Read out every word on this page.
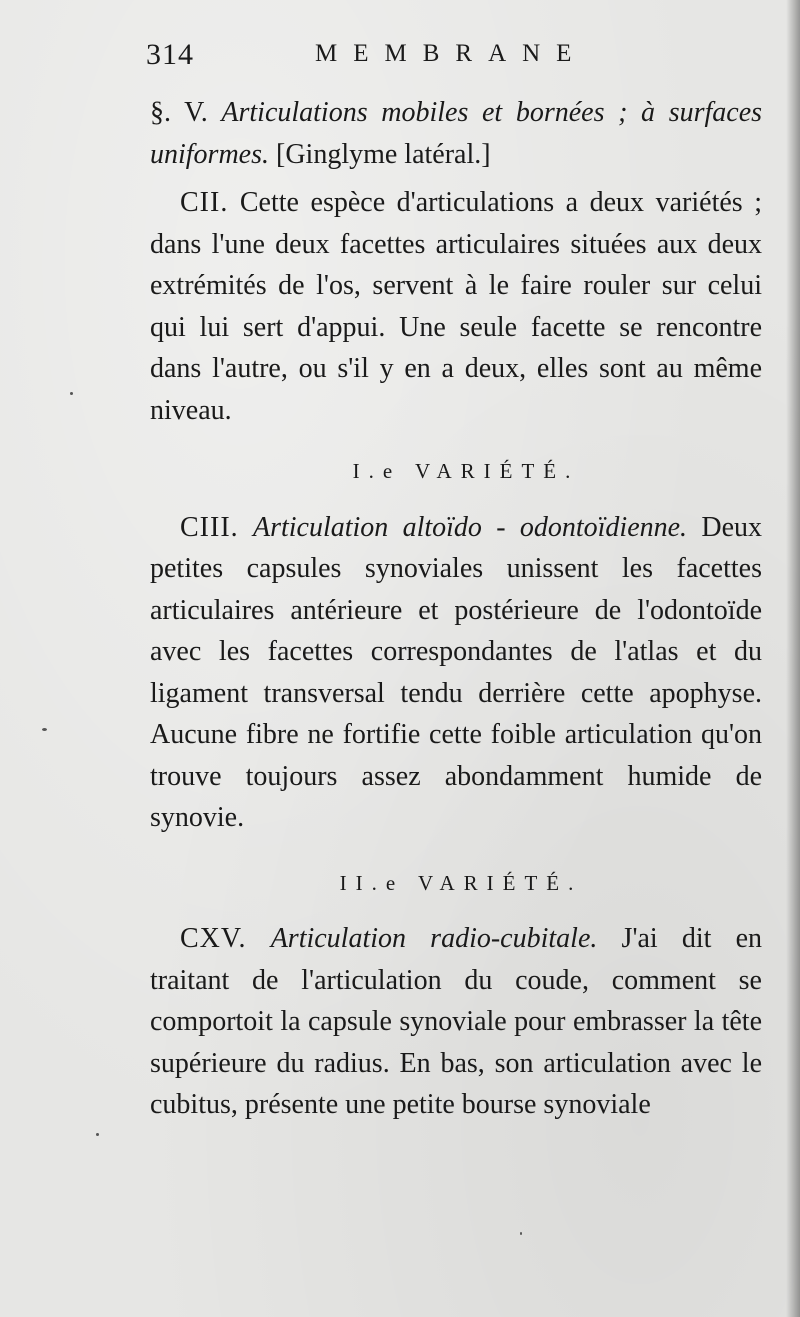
314	MEMBRANE

§. V. Articulations mobiles et bornées ; à surfaces uniformes. [Ginglyme latéral.]

CII. Cette espèce d'articulations a deux variétés ; dans l'une deux facettes articulaires situées aux deux extrémités de l'os, servent à le faire rouler sur celui qui lui sert d'appui. Une seule facette se rencontre dans l'autre, ou s'il y en a deux, elles sont au même niveau.

I.e VARIÉTÉ.

CIII. Articulation altoïdo - odontoïdienne. Deux petites capsules synoviales unissent les facettes articulaires antérieure et postérieure de l'odontoïde avec les facettes correspondantes de l'atlas et du ligament transversal tendu derrière cette apophyse. Aucune fibre ne fortifie cette foible articulation qu'on trouve toujours assez abondamment humide de synovie.

II.e VARIÉTÉ.

CXV. Articulation radio-cubitale. J'ai dit en traitant de l'articulation du coude, comment se comportoit la capsule synoviale pour embrasser la tête supérieure du radius. En bas, son articulation avec le cubitus, présente une petite bourse synoviale
